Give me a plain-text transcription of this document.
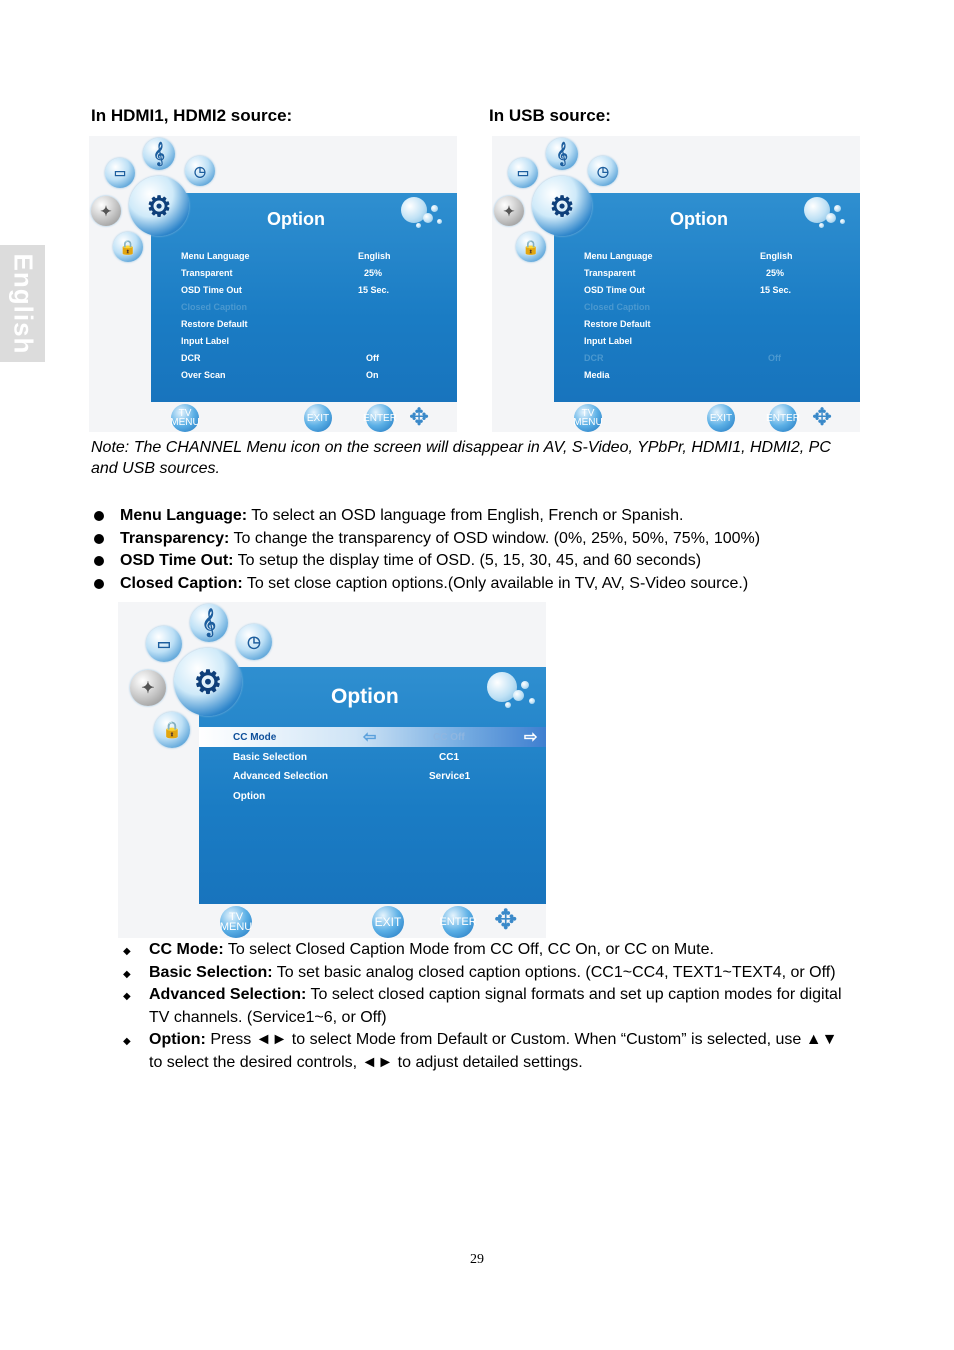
English
In HDMI1, HDMI2 source:	In USB source:
Option
Menu Language	English
Transparent	25%
OSD Time Out	15 Sec.
Closed Caption
Restore Default
Input Label
DCR	Off
Over Scan	On
▭
𝄞
◷
✦ ⚙
🔒
TV
MENU	EXIT	ENTER ✥
Option
Menu Language	English
Transparent	25%
OSD Time Out	15 Sec.
Closed Caption
Restore Default
Input Label
DCR	Off
Media
▭
𝄞
◷
✦ ⚙
🔒
TV
MENU	EXIT	ENTER ✥
Note: The CHANNEL Menu icon on the screen will disappear in AV, S-Video, YPbPr, HDMI1, HDMI2, PC and USB sources.
Menu Language: To select an OSD language from English, French or Spanish.
Transparency: To change the transparency of OSD window. (0%, 25%, 50%, 75%, 100%)
OSD Time Out: To setup the display time of OSD. (5, 15, 30, 45, and 60 seconds)
Closed Caption: To set close caption options.(Only available in TV, AV, S-Video source.)
Option
CC Mode	⇦	CC Off	⇨
Basic Selection	CC1
Advanced Selection	Service1
Option
▭
𝄞
◷
✦ ⚙
🔒
TV
MENU	EXIT	ENTER ✥
◆ CC Mode: To select Closed Caption Mode from CC Off, CC On, or CC on Mute.
◆ Basic Selection: To set basic analog closed caption options. (CC1~CC4, TEXT1~TEXT4, or Off)
◆ Advanced Selection: To select closed caption signal formats and set up caption modes for digital TV channels. (Service1~6, or Off)
◆ Option: Press ◄► to select Mode from Default or Custom. When “Custom” is selected, use ▲▼ to select the desired controls, ◄► to adjust detailed settings.
29
